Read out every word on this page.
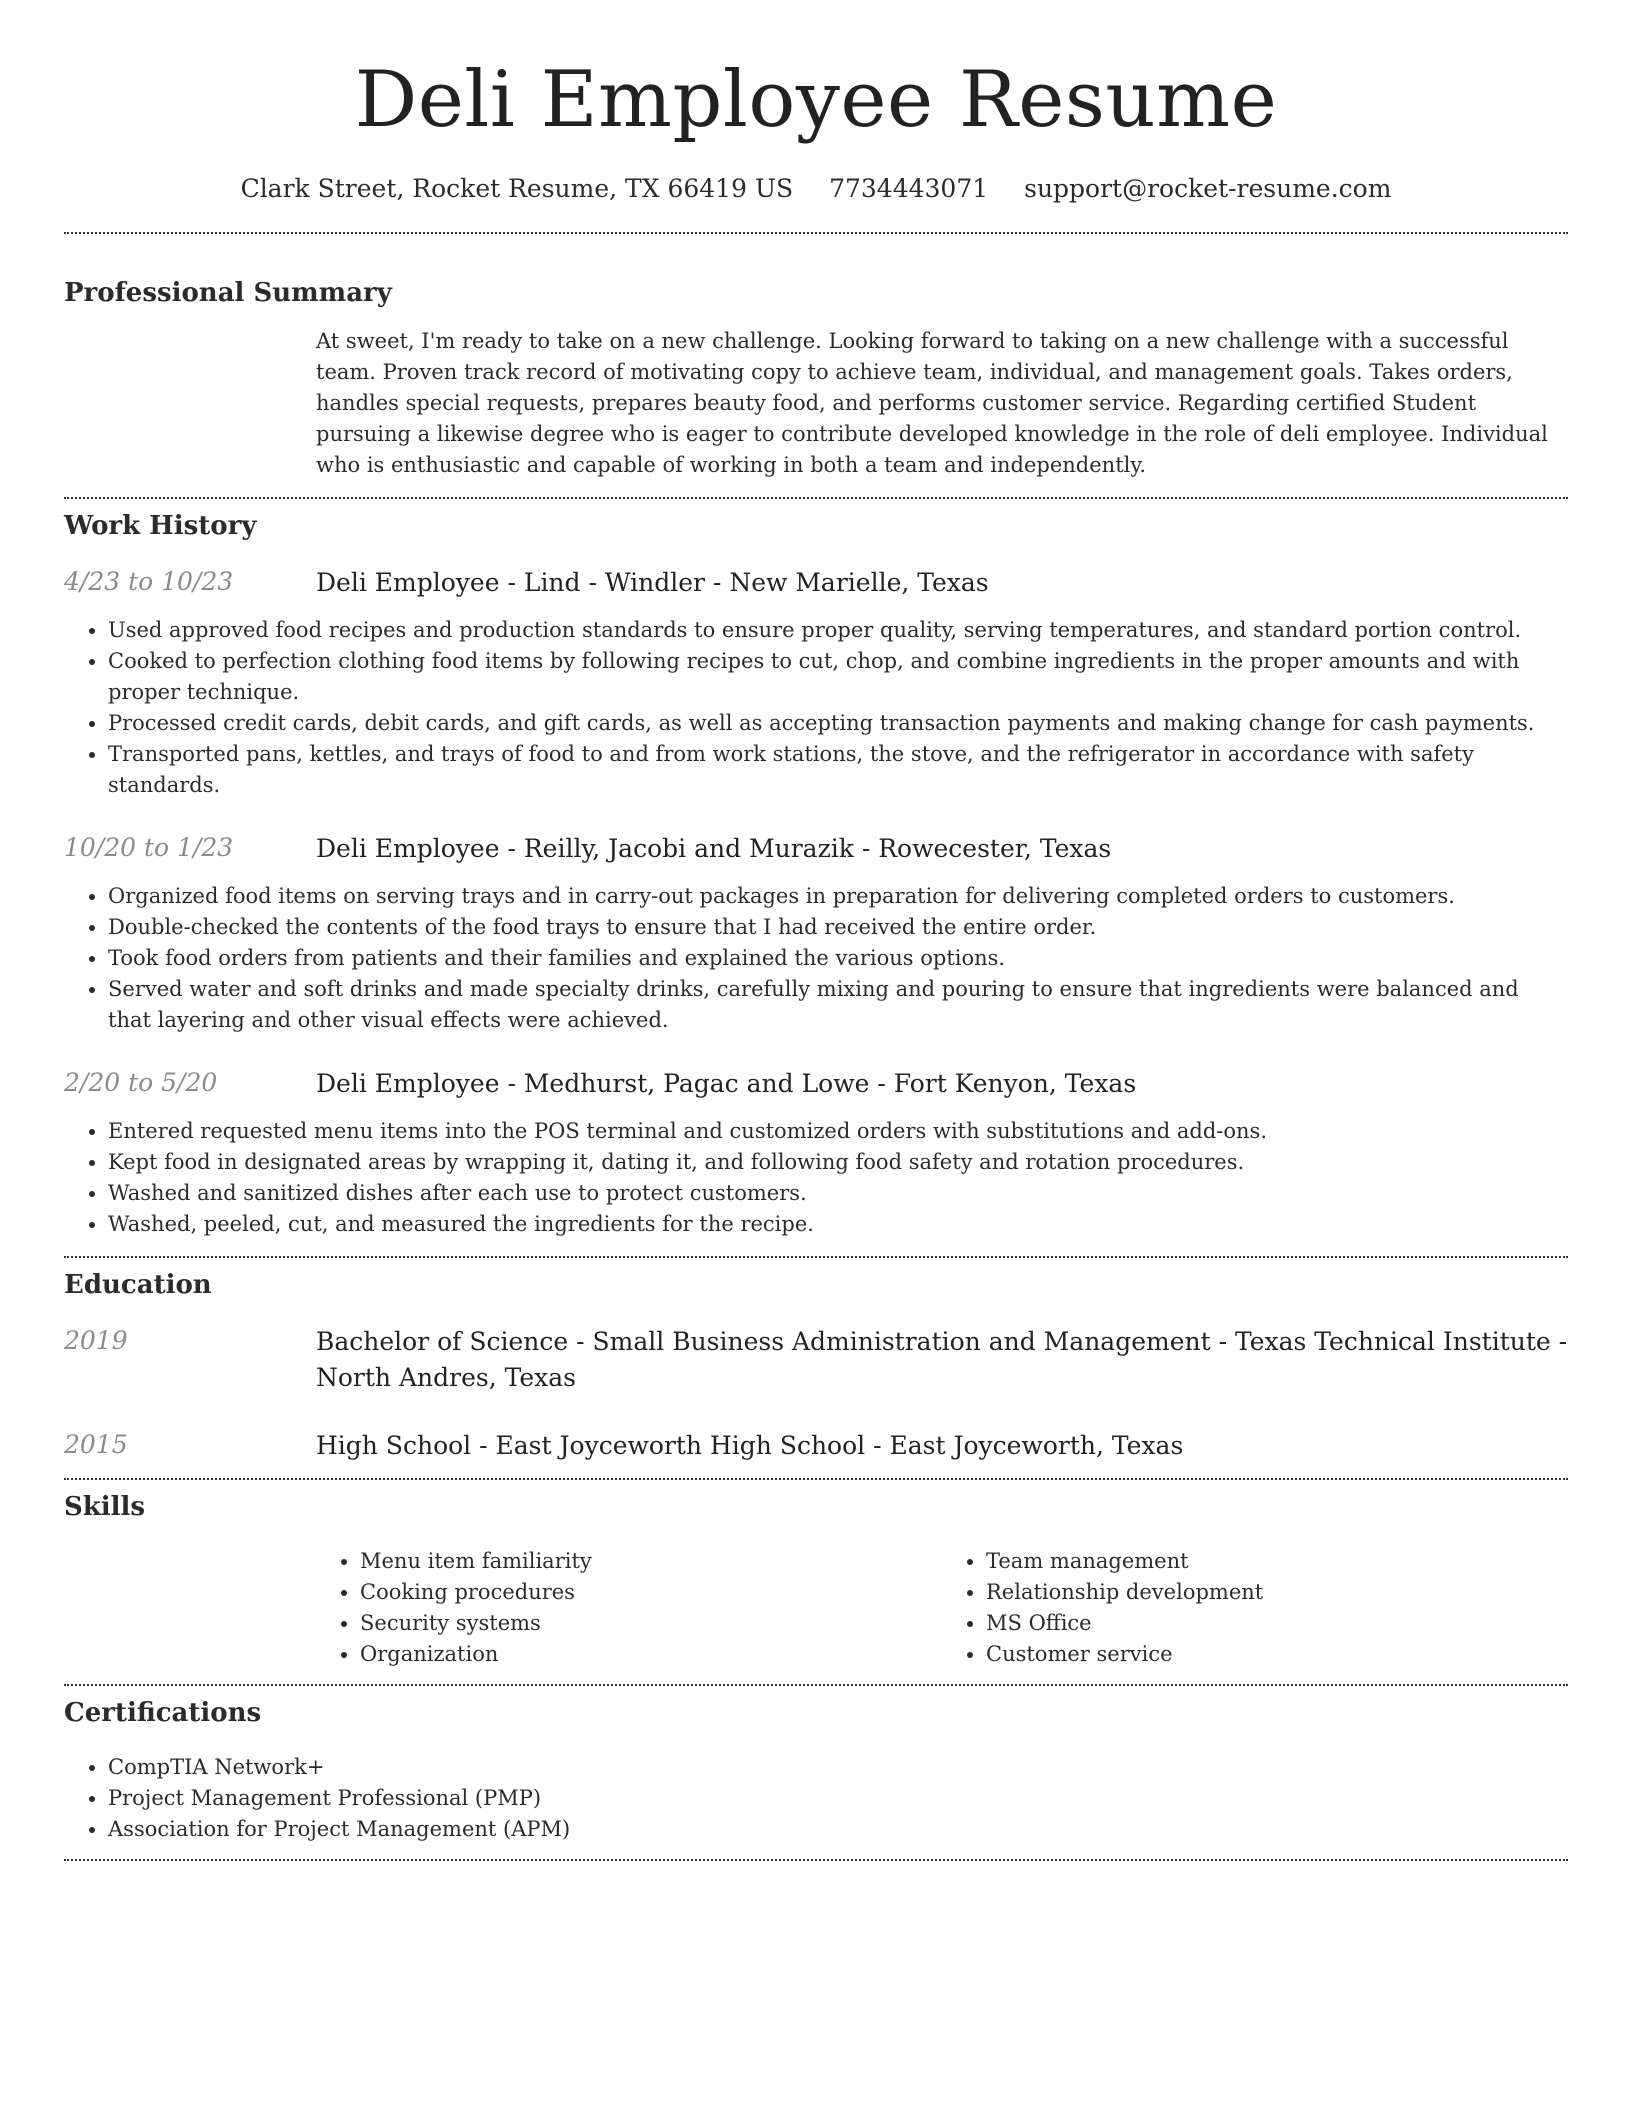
Deli Employee Resume
Clark Street, Rocket Resume, TX 66419 US 7734443071 support@rocket-resume.com
Professional Summary
At sweet, I'm ready to take on a new challenge. Looking forward to taking on a new challenge with a successful team. Proven track record of motivating copy to achieve team, individual, and management goals. Takes orders, handles special requests, prepares beauty food, and performs customer service. Regarding certified Student pursuing a likewise degree who is eager to contribute developed knowledge in the role of deli employee. Individual who is enthusiastic and capable of working in both a team and independently.
Work History
4/23 to 10/23	Deli Employee - Lind - Windler - New Marielle, Texas
• Used approved food recipes and production standards to ensure proper quality, serving temperatures, and standard portion control.
• Cooked to perfection clothing food items by following recipes to cut, chop, and combine ingredients in the proper amounts and with proper technique.
• Processed credit cards, debit cards, and gift cards, as well as accepting transaction payments and making change for cash payments.
• Transported pans, kettles, and trays of food to and from work stations, the stove, and the refrigerator in accordance with safety standards.
10/20 to 1/23	Deli Employee - Reilly, Jacobi and Murazik - Rowecester, Texas
• Organized food items on serving trays and in carry-out packages in preparation for delivering completed orders to customers.
• Double-checked the contents of the food trays to ensure that I had received the entire order.
• Took food orders from patients and their families and explained the various options.
• Served water and soft drinks and made specialty drinks, carefully mixing and pouring to ensure that ingredients were balanced and that layering and other visual effects were achieved.
2/20 to 5/20	Deli Employee - Medhurst, Pagac and Lowe - Fort Kenyon, Texas
• Entered requested menu items into the POS terminal and customized orders with substitutions and add-ons.
• Kept food in designated areas by wrapping it, dating it, and following food safety and rotation procedures.
• Washed and sanitized dishes after each use to protect customers.
• Washed, peeled, cut, and measured the ingredients for the recipe.
Education
2019	Bachelor of Science - Small Business Administration and Management - Texas Technical Institute - North Andres, Texas
2015	High School - East Joyceworth High School - East Joyceworth, Texas
Skills
• Menu item familiarity
• Cooking procedures
• Security systems
• Organization
• Team management
• Relationship development
• MS Office
• Customer service
Certifications
• CompTIA Network+
• Project Management Professional (PMP)
• Association for Project Management (APM)
